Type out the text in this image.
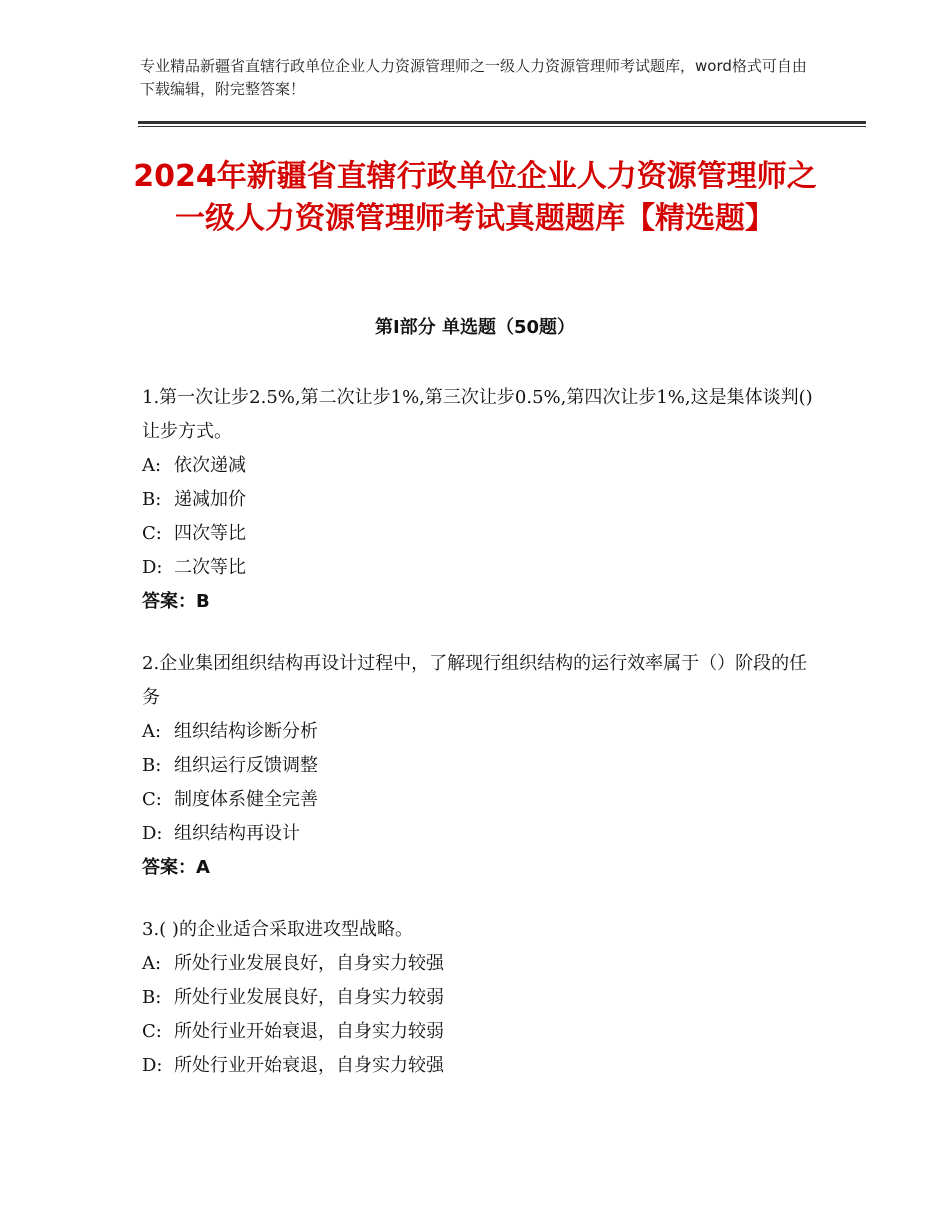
专业精品新疆省直辖行政单位企业人力资源管理师之一级人力资源管理师考试题库，word格式可自由下载编辑，附完整答案！
2024年新疆省直辖行政单位企业人力资源管理师之一级人力资源管理师考试真题题库【精选题】
第Ⅰ部分 单选题（50题）

1.第一次让步2.5%,第二次让步1%,第三次让步0.5%,第四次让步1%,这是集体谈判()让步方式。

A: 依次递减

B: 递减加价

C: 四次等比

D: 二次等比

答案：B

2.企业集团组织结构再设计过程中，了解现行组织结构的运行效率属于（）阶段的任务

A: 组织结构诊断分析

B: 组织运行反馈调整

C: 制度体系健全完善

D: 组织结构再设计

答案：A

3.( )的企业适合采取进攻型战略。

A: 所处行业发展良好，自身实力较强

B: 所处行业发展良好，自身实力较弱

C: 所处行业开始衰退，自身实力较弱

D: 所处行业开始衰退，自身实力较强
